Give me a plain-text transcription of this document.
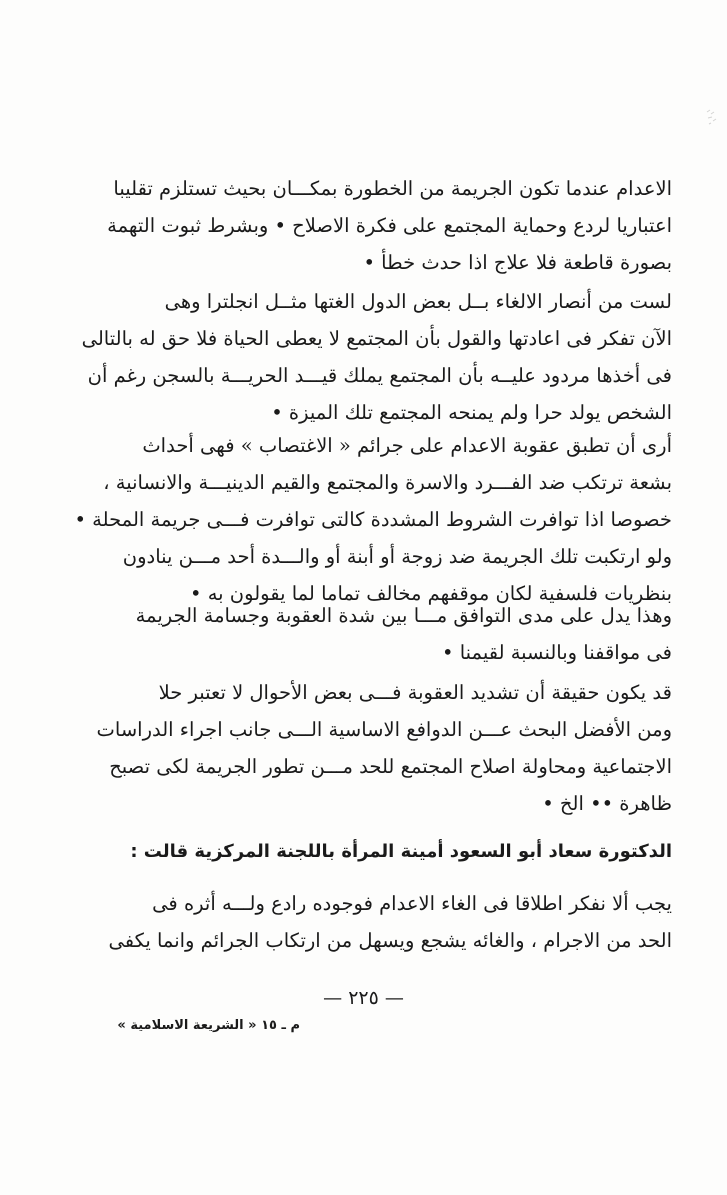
الاعدام عندما تكون الجريمة من الخطورة بمكـــان بحيث تستلزم تقليبا
اعتباريا لردع وحماية المجتمع على فكرة الاصلاح • وبشرط ثبوت التهمة
بصورة قاطعة فلا علاج اذا حدث خطأ •
لست من أنصار الالغاء بــل بعض الدول الغتها مثــل انجلترا وهى
الآن تفكر فى اعادتها والقول بأن المجتمع لا يعطى الحياة فلا حق له بالتالى
فى أخذها مردود عليــه بأن المجتمع يملك قيـــد الحريـــة بالسجن رغم أن
الشخص يولد حرا ولم يمنحه المجتمع تلك الميزة •
أرى أن تطبق عقوبة الاعدام على جرائم « الاغتصاب » فهى أحداث
بشعة ترتكب ضد الفـــرد والاسرة والمجتمع والقيم الدينيـــة والانسانية ،
خصوصا اذا توافرت الشروط المشددة كالتى توافرت فـــى جريمة المحلة •
ولو ارتكبت تلك الجريمة ضد زوجة أو أبنة أو والـــدة أحد مـــن ينادون
بنظريات فلسفية لكان موقفهم مخالف تماما لما يقولون به •
وهذا يدل على مدى التوافق مـــا بين شدة العقوبة وجسامة الجريمة
فى مواقفنا وبالنسبة لقيمنا •
قد يكون حقيقة أن تشديد العقوبة فـــى بعض الأحوال لا تعتبر حلا
ومن الأفضل البحث عـــن الدوافع الاساسية الـــى جانب اجراء الدراسات
الاجتماعية ومحاولة اصلاح المجتمع للحد مـــن تطور الجريمة لكى تصبح
ظاهرة •• الخ •
الدكتورة سعاد أبو السعود أمينة المرأة باللجنة المركزية قالت :
يجب ألا نفكر اطلاقا فى الغاء الاعدام فوجوده رادع ولـــه أثره فى
الحد من الاجرام ، والغائه يشجع ويسهل من ارتكاب الجرائم وانما يكفى
— ٢٢٥ —
م ـ ١٥ « الشريعة الاسلامية »
